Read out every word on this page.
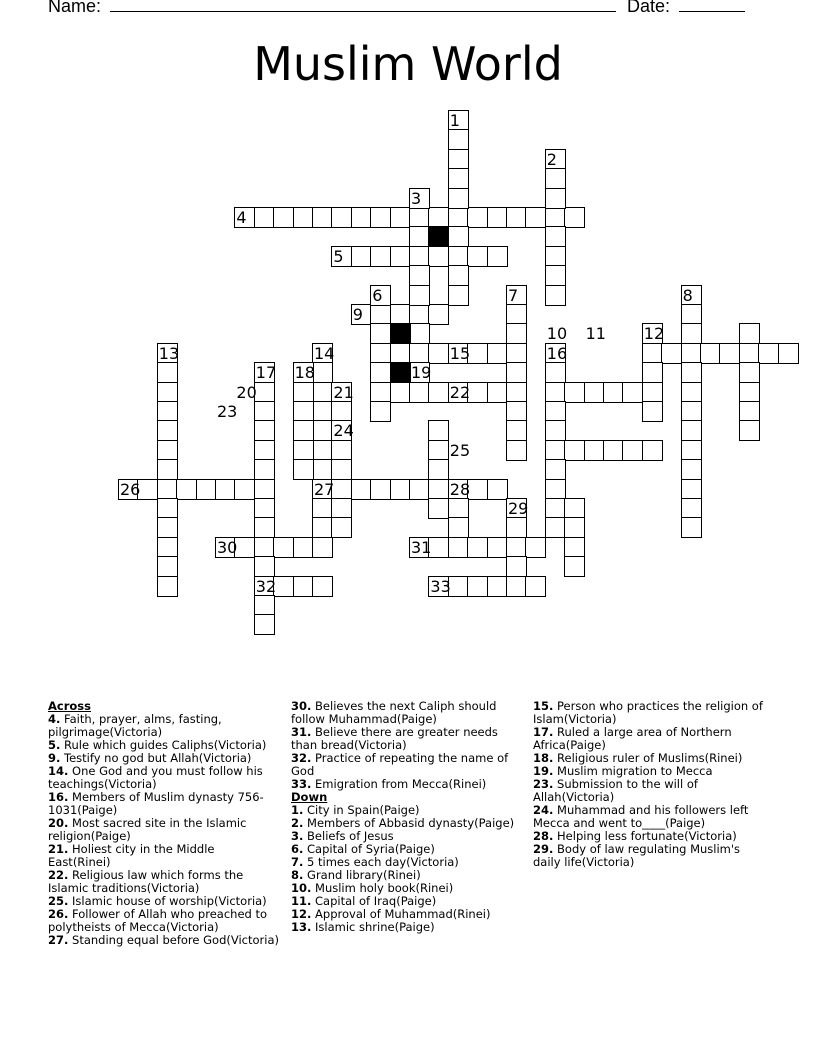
Name:	Date:
Muslim World
1
2
3
4
5
6	7	8
9
10 11 12
13	14	15	16
17 18	19
20	21	22
23
24
25
26	27	28
29
30	31
32	33

Across

4. Faith, prayer, alms, fasting, pilgrimage(Victoria)

5. Rule which guides Caliphs(Victoria)

9. Testify no god but Allah(Victoria)

14. One God and you must follow his teachings(Victoria)

16. Members of Muslim dynasty 756-1031(Paige)

20. Most sacred site in the Islamic religion(Paige)

21. Holiest city in the Middle East(Rinei)

22. Religious law which forms the Islamic traditions(Victoria)

25. Islamic house of worship(Victoria)

26. Follower of Allah who preached to polytheists of Mecca(Victoria)

27. Standing equal before God(Victoria)

30. Believes the next Caliph should follow Muhammad(Paige)

31. Believe there are greater needs than bread(Victoria)

32. Practice of repeating the name of God

33. Emigration from Mecca(Rinei)

Down

1. City in Spain(Paige)

2. Members of Abbasid dynasty(Paige)

3. Beliefs of Jesus

6. Capital of Syria(Paige)

7. 5 times each day(Victoria)

8. Grand library(Rinei)

10. Muslim holy book(Rinei)

11. Capital of Iraq(Paige)

12. Approval of Muhammad(Rinei)

13. Islamic shrine(Paige)

15. Person who practices the religion of Islam(Victoria)

17. Ruled a large area of Northern Africa(Paige)

18. Religious ruler of Muslims(Rinei)

19. Muslim migration to Mecca

23. Submission to the will of Allah(Victoria)

24. Muhammad and his followers left Mecca and went to____(Paige)

28. Helping less fortunate(Victoria)

29. Body of law regulating Muslim's daily life(Victoria)
